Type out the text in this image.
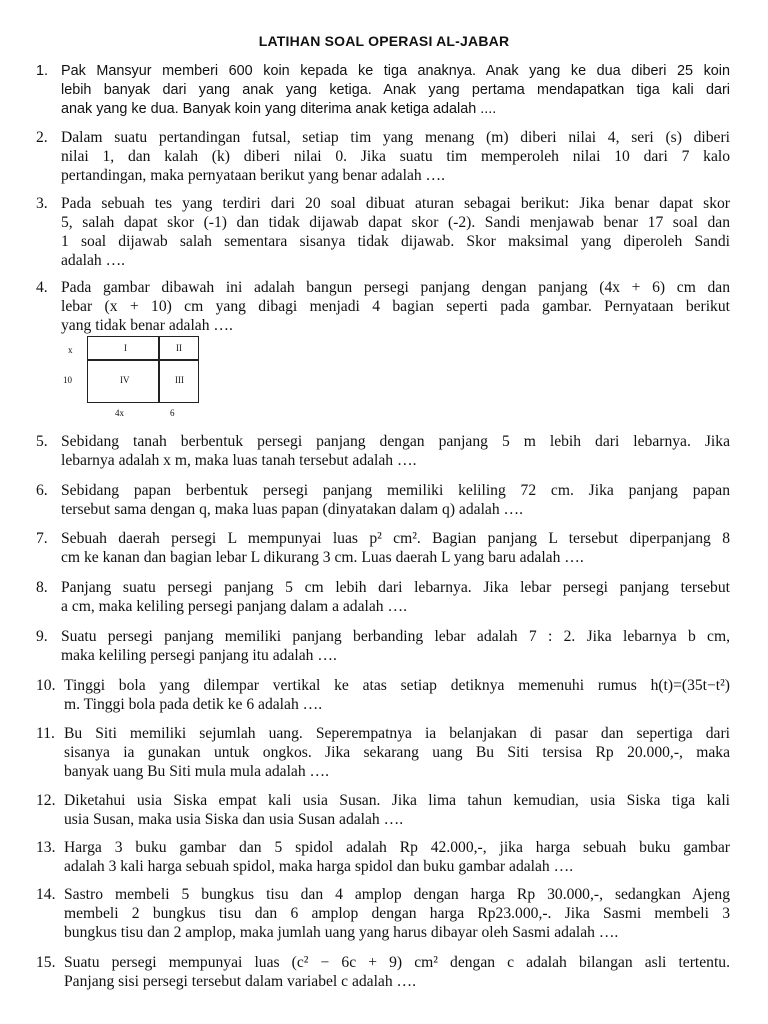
LATIHAN SOAL OPERASI AL-JABAR
1. Pak Mansyur memberi 600 koin kepada ke tiga anaknya. Anak yang ke dua diberi 25 koin
lebih banyak dari yang anak yang ketiga. Anak yang pertama mendapatkan tiga kali dari
anak yang ke dua. Banyak koin yang diterima anak ketiga adalah ....
2. Dalam suatu pertandingan futsal, setiap tim yang menang (m) diberi nilai 4, seri (s) diberi
nilai 1, dan kalah (k) diberi nilai 0. Jika suatu tim memperoleh nilai 10 dari 7 kalo
pertandingan, maka pernyataan berikut yang benar adalah ….
3. Pada sebuah tes yang terdiri dari 20 soal dibuat aturan sebagai berikut: Jika benar dapat skor
5, salah dapat skor (-1) dan tidak dijawab dapat skor (-2). Sandi menjawab benar 17 soal dan
1 soal dijawab salah sementara sisanya tidak dijawab. Skor maksimal yang diperoleh Sandi
adalah ….
4. Pada gambar dibawah ini adalah bangun persegi panjang dengan panjang (4x + 6) cm dan
lebar (x + 10) cm yang dibagi menjadi 4 bagian seperti pada gambar. Pernyataan berikut
yang tidak benar adalah ….
x
10
4x	6
I	II
IV	III
5. Sebidang tanah berbentuk persegi panjang dengan panjang 5 m lebih dari lebarnya. Jika
lebarnya adalah x m, maka luas tanah tersebut adalah ….
6. Sebidang papan berbentuk persegi panjang memiliki keliling 72 cm. Jika panjang papan
tersebut sama dengan q, maka luas papan (dinyatakan dalam q) adalah ….
7. Sebuah daerah persegi L mempunyai luas p² cm². Bagian panjang L tersebut diperpanjang 8
cm ke kanan dan bagian lebar L dikurang 3 cm. Luas daerah L yang baru adalah ….
8. Panjang suatu persegi panjang 5 cm lebih dari lebarnya. Jika lebar persegi panjang tersebut
a cm, maka keliling persegi panjang dalam a adalah ….
9. Suatu persegi panjang memiliki panjang berbanding lebar adalah 7 : 2. Jika lebarnya b cm,
maka keliling persegi panjang itu adalah ….
10. Tinggi bola yang dilempar vertikal ke atas setiap detiknya memenuhi rumus h(t)=(35t−t²)
m. Tinggi bola pada detik ke 6 adalah ….
11. Bu Siti memiliki sejumlah uang. Seperempatnya ia belanjakan di pasar dan sepertiga dari
sisanya ia gunakan untuk ongkos. Jika sekarang uang Bu Siti tersisa Rp 20.000,-, maka
banyak uang Bu Siti mula mula adalah ….
12. Diketahui usia Siska empat kali usia Susan. Jika lima tahun kemudian, usia Siska tiga kali
usia Susan, maka usia Siska dan usia Susan adalah ….
13. Harga 3 buku gambar dan 5 spidol adalah Rp 42.000,-, jika harga sebuah buku gambar
adalah 3 kali harga sebuah spidol, maka harga spidol dan buku gambar adalah ….
14. Sastro membeli 5 bungkus tisu dan 4 amplop dengan harga Rp 30.000,-, sedangkan Ajeng
membeli 2 bungkus tisu dan 6 amplop dengan harga Rp23.000,-. Jika Sasmi membeli 3
bungkus tisu dan 2 amplop, maka jumlah uang yang harus dibayar oleh Sasmi adalah ….
15. Suatu persegi mempunyai luas (c² − 6c + 9) cm² dengan c adalah bilangan asli tertentu.
Panjang sisi persegi tersebut dalam variabel c adalah ….
